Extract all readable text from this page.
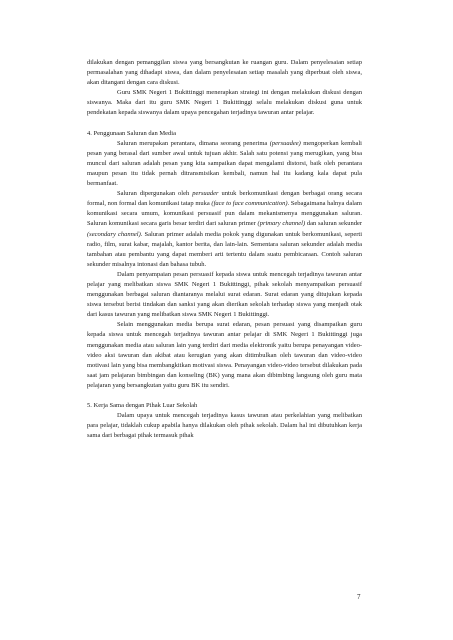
dilakukan dengan pemanggilan siswa yang bersangkutan ke ruangan guru. Dalam penyelesaian setiap permasalahan yang dihadapi siswa, dan dalam penyelesaian setiap masalah yang diperbuat oleh siswa, akan ditangani dengan cara diskusi.

Guru SMK Negeri 1 Bukittinggi menerapkan strategi ini dengan melakukan diskusi dengan siswanya. Maka dari itu guru SMK Negeri 1 Bukittinggi selalu melakukan diskusi guna untuk pendekatan kepada siswanya dalam upaya pencegahan terjadinya tawuran antar pelajar.

4. Penggunaan Saluran dan Media

Saluran merupakan perantara, dimana seorang penerima (persuadee) mengoperkan kembali pesan yang berasal dari sumber awal untuk tujuan akhir. Salah satu potensi yang merugikan, yang bisa muncul dari saluran adalah pesan yang kita sampaikan dapat mengalami distorsi, baik oleh perantara maupun pesan itu tidak pernah ditransmisikan kembali, namun hal itu kadang kala dapat pula bermanfaat.

Saluran dipergunakan oleh persuader untuk berkomunikasi dengan berbagai orang secara formal, non formal dan komunikasi tatap muka (face to face communication). Sebagaimana halnya dalam komunikasi secara umum, komunikasi persuasif pun dalam mekanismenya menggunakan saluran. Saluran komunikasi secara garis besar terdiri dari saluran primer (primary channel) dan saluran sekunder (secondary channel). Saluran primer adalah media pokok yang digunakan untuk berkomunikasi, seperti radio, film, surat kabar, majalah, kantor berita, dan lain-lain. Sementara saluran sekunder adalah media tambahan atau pembantu yang dapat memberi arti tertentu dalam suatu pembicaraan. Contoh saluran sekunder misalnya intonasi dan bahasa tubuh.

Dalam penyampaian pesan persuasif kepada siswa untuk mencegah terjadinya tawuran antar pelajar yang melibatkan siswa SMK Negeri 1 Bukittinggi, pihak sekolah menyampaikan persuasif menggunakan berbagai saluran diantaranya melalui surat edaran. Surat edaran yang ditujukan kepada siswa tersebut berisi tindakan dan sanksi yang akan dierikan sekolah terhadap siswa yang menjadi otak dari kasus tawuran yang melibatkan siswa SMK Negeri 1 Bukittinggi.

Selain menggunakan media berupa surat edaran, pesan persuasi yang disampaikan guru kepada siswa untuk mencegah terjadinya tawuran antar pelajar di SMK Negeri 1 Bukittinggi juga menggunakan media atau saluran lain yang terdiri dari media elektronik yaitu berupa penayangan video-video aksi tawuran dan akibat atau kerugian yang akan ditimbulkan oleh tawuran dan video-video motivasi lain yang bisa membangkitkan motivasi siswa. Penayangan video-video tersebut dilakukan pada saat jam pelajaran bimbingan dan konseling (BK) yang mana akan dibimbing langsung oleh guru mata pelajaran yang bersangkutan yaitu guru BK itu sendiri.

5. Kerja Sama dengan Pihak Luar Sekolah

Dalam upaya untuk mencegah terjadinya kasus tawuran atau perkelahian yang melibatkan para pelajar, tidaklah cukup apabila hanya dilakukan oleh pihak sekolah. Dalam hal ini dibutuhkan kerja sama dari berbagai pihak termasuk pihak

7
